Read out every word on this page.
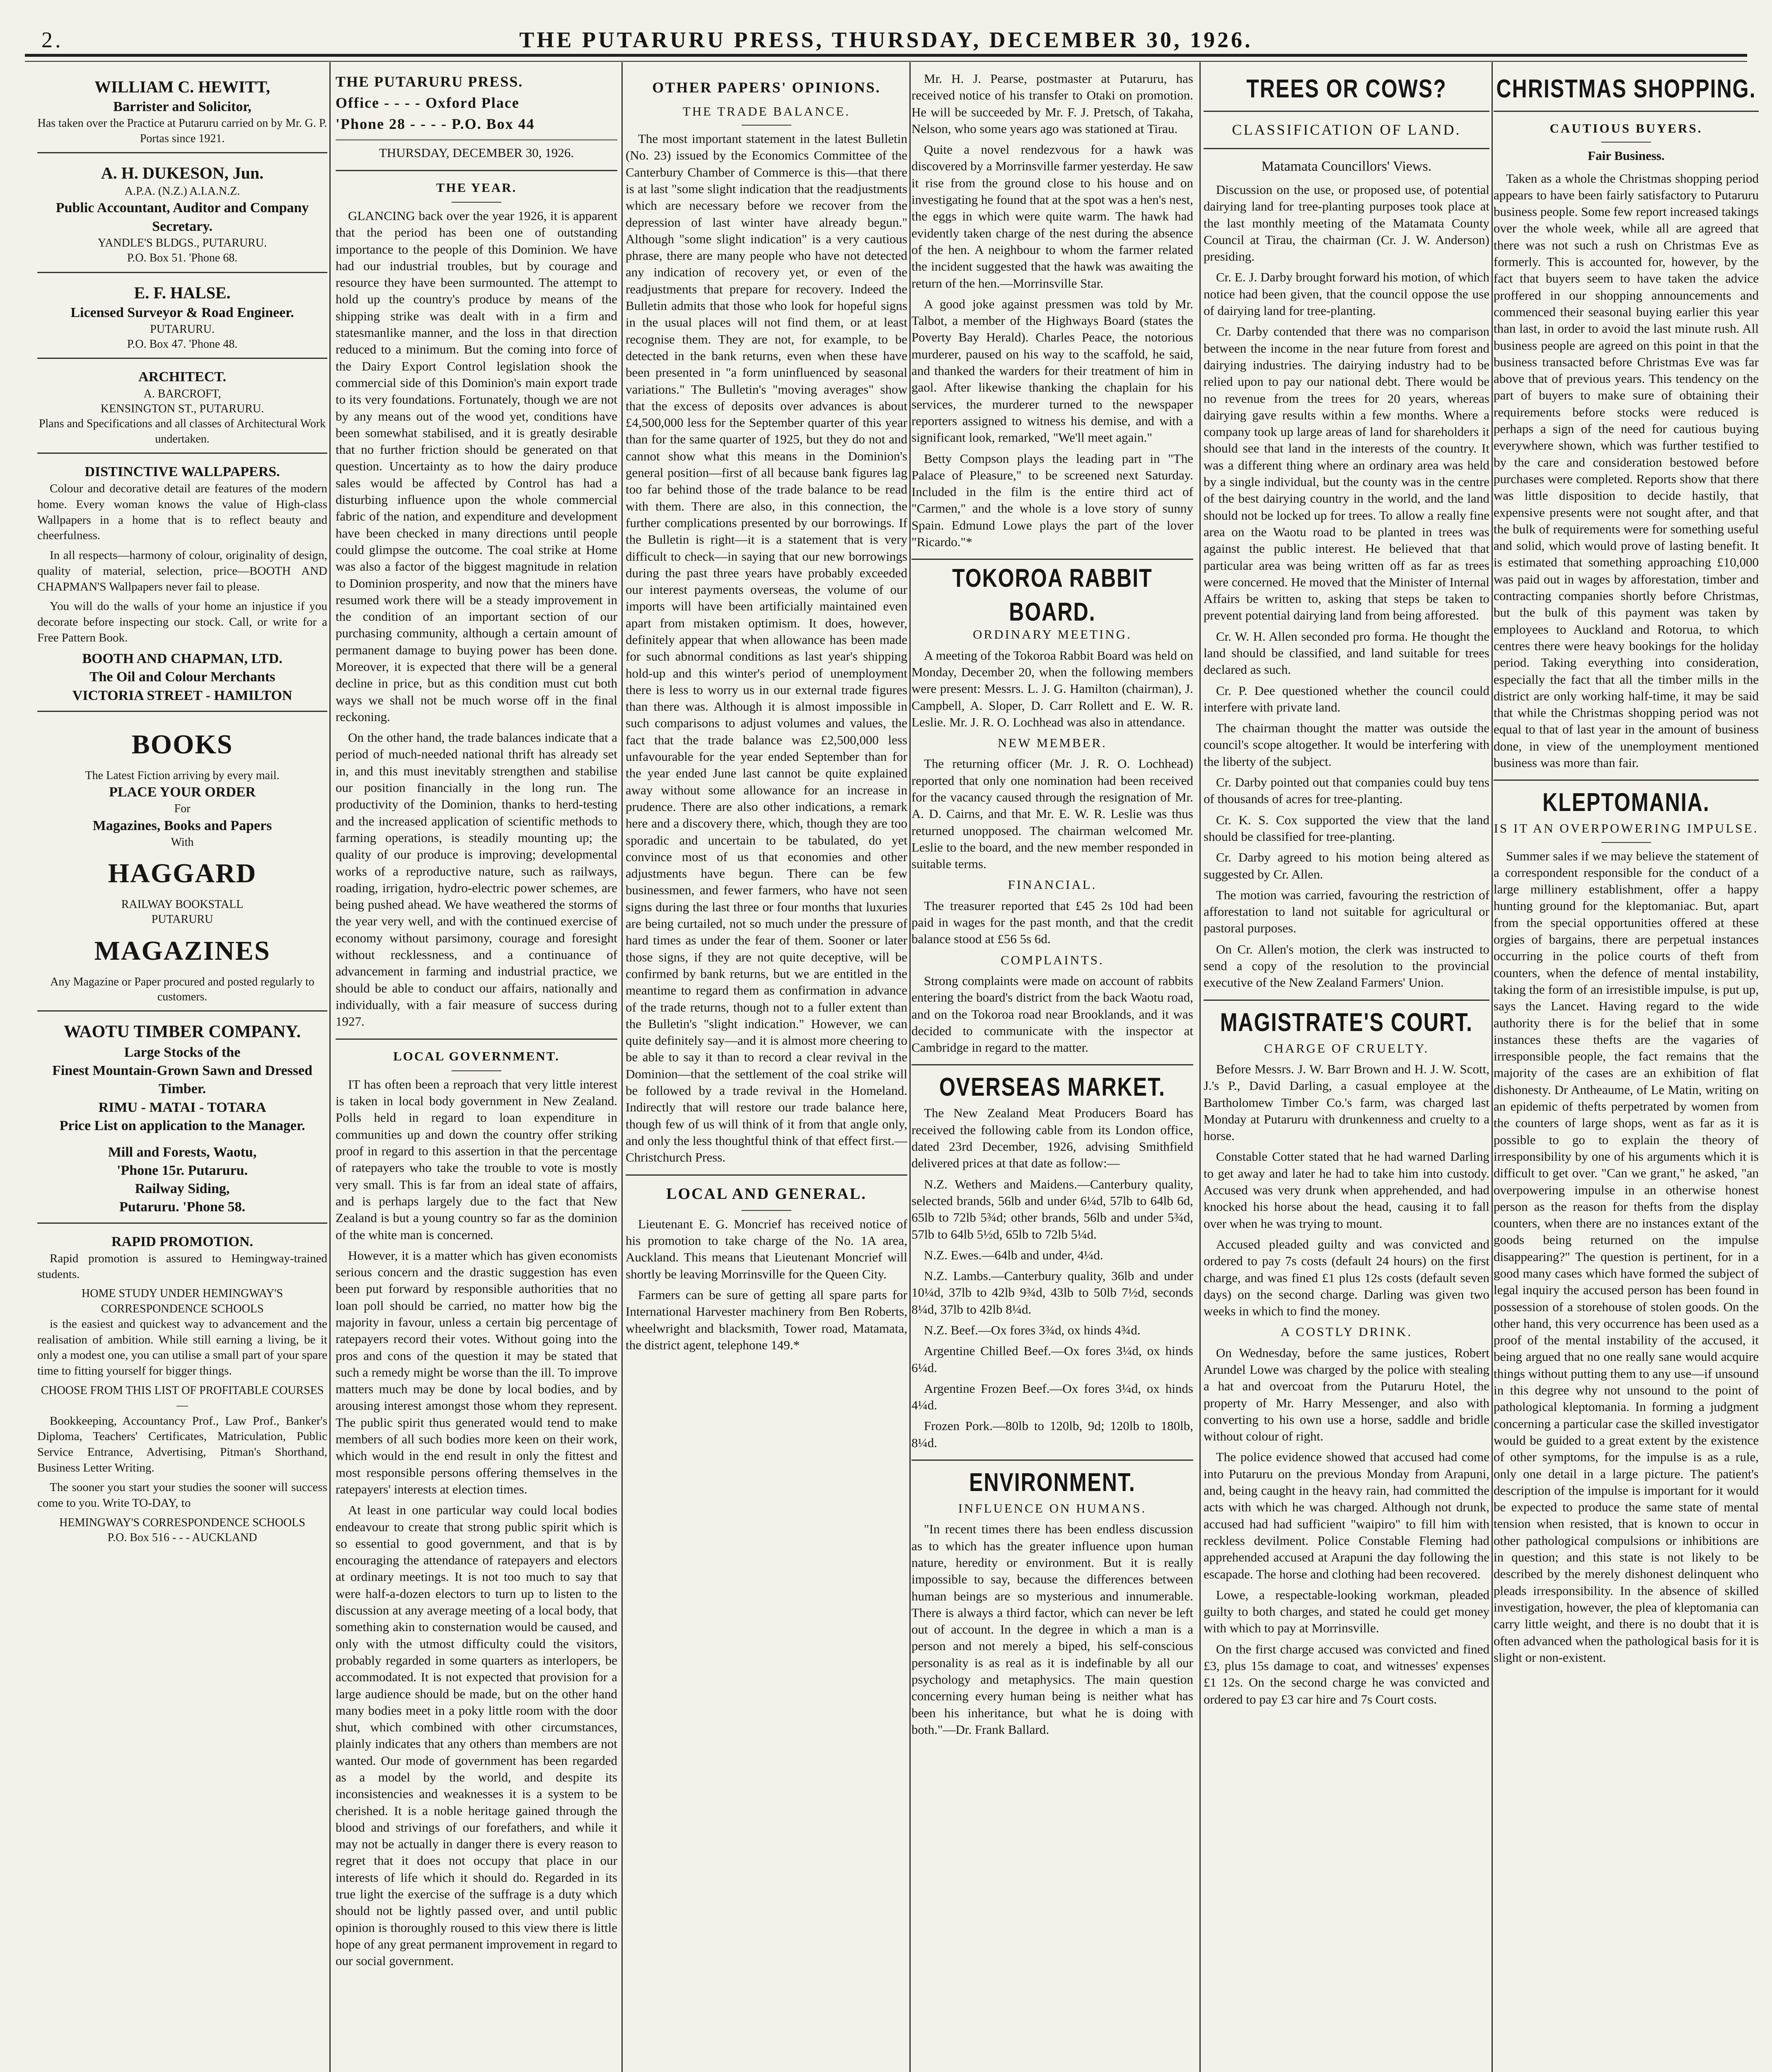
2.	THE PUTARURU PRESS, THURSDAY, DECEMBER 30, 1926.
WILLIAM C. HEWITT,
Barrister and Solicitor,
Has taken over the Practice at Putaruru carried on by Mr. G. P. Portas since 1921.
A. H. DUKESON, Jun.
A.P.A. (N.Z.) A.I.A.N.Z.
Public Accountant, Auditor and Company Secretary.
YANDLE'S BLDGS., PUTARURU.
P.O. Box 51. 'Phone 68.
E. F. HALSE.
Licensed Surveyor & Road Engineer.
PUTARURU.
P.O. Box 47. 'Phone 48.
ARCHITECT.
A. BARCROFT,
KENSINGTON ST., PUTARURU.
Plans and Specifications and all classes of Architectural Work undertaken.
DISTINCTIVE WALLPAPERS.

Colour and decorative detail are features of the modern home. Every woman knows the value of High-class Wallpapers in a home that is to reflect beauty and cheerfulness.

In all respects—harmony of colour, originality of design, quality of material, selection, price—BOOTH AND CHAPMAN'S Wallpapers never fail to please.

You will do the walls of your home an injustice if you decorate before inspecting our stock. Call, or write for a Free Pattern Book.

BOOTH AND CHAPMAN, LTD.
The Oil and Colour Merchants
VICTORIA STREET - HAMILTON
BOOKS
The Latest Fiction arriving by every mail.
PLACE YOUR ORDER
For
Magazines, Books and Papers
With
HAGGARD
RAILWAY BOOKSTALL
PUTARURU
MAGAZINES
Any Magazine or Paper procured and posted regularly to customers.
WAOTU TIMBER COMPANY.
Large Stocks of the
Finest Mountain-Grown Sawn and Dressed Timber.
RIMU - MATAI - TOTARA
Price List on application to the Manager.
Mill and Forests, Waotu,
'Phone 15r. Putaruru.
Railway Siding,
Putaruru. 'Phone 58.
RAPID PROMOTION.

Rapid promotion is assured to Hemingway-trained students.

HOME STUDY UNDER HEMINGWAY'S CORRESPONDENCE SCHOOLS

is the easiest and quickest way to advancement and the realisation of ambition. While still earning a living, be it only a modest one, you can utilise a small part of your spare time to fitting yourself for bigger things.

CHOOSE FROM THIS LIST OF PROFITABLE COURSES—

Bookkeeping, Accountancy Prof., Law Prof., Banker's Diploma, Teachers' Certificates, Matriculation, Public Service Entrance, Advertising, Pitman's Shorthand, Business Letter Writing.

The sooner you start your studies the sooner will success come to you. Write TO-DAY, to

HEMINGWAY'S CORRESPONDENCE SCHOOLS
P.O. Box 516 - - - AUCKLAND
THE PUTARURU PRESS.
Office - - - - Oxford Place
'Phone 28 - - - - P.O. Box 44
THURSDAY, DECEMBER 30, 1926.
THE YEAR.

GLANCING back over the year 1926, it is apparent that the period has been one of outstanding importance to the people of this Dominion. We have had our industrial troubles, but by courage and resource they have been surmounted. The attempt to hold up the country's produce by means of the shipping strike was dealt with in a firm and statesmanlike manner, and the loss in that direction reduced to a minimum. But the coming into force of the Dairy Export Control legislation shook the commercial side of this Dominion's main export trade to its very foundations. Fortunately, though we are not by any means out of the wood yet, conditions have been somewhat stabilised, and it is greatly desirable that no further friction should be generated on that question. Uncertainty as to how the dairy produce sales would be affected by Control has had a disturbing influence upon the whole commercial fabric of the nation, and expenditure and development have been checked in many directions until people could glimpse the outcome. The coal strike at Home was also a factor of the biggest magnitude in relation to Dominion prosperity, and now that the miners have resumed work there will be a steady improvement in the condition of an important section of our purchasing community, although a certain amount of permanent damage to buying power has been done. Moreover, it is expected that there will be a general decline in price, but as this condition must cut both ways we shall not be much worse off in the final reckoning.

On the other hand, the trade balances indicate that a period of much-needed national thrift has already set in, and this must inevitably strengthen and stabilise our position financially in the long run. The productivity of the Dominion, thanks to herd-testing and the increased application of scientific methods to farming operations, is steadily mounting up; the quality of our produce is improving; developmental works of a reproductive nature, such as railways, roading, irrigation, hydro-electric power schemes, are being pushed ahead. We have weathered the storms of the year very well, and with the continued exercise of economy without parsimony, courage and foresight without recklessness, and a continuance of advancement in farming and industrial practice, we should be able to conduct our affairs, nationally and individually, with a fair measure of success during 1927.

LOCAL GOVERNMENT.

IT has often been a reproach that very little interest is taken in local body government in New Zealand. Polls held in regard to loan expenditure in communities up and down the country offer striking proof in regard to this assertion in that the percentage of ratepayers who take the trouble to vote is mostly very small. This is far from an ideal state of affairs, and is perhaps largely due to the fact that New Zealand is but a young country so far as the dominion of the white man is concerned.

However, it is a matter which has given economists serious concern and the drastic suggestion has even been put forward by responsible authorities that no loan poll should be carried, no matter how big the majority in favour, unless a certain big percentage of ratepayers record their votes. Without going into the pros and cons of the question it may be stated that such a remedy might be worse than the ill. To improve matters much may be done by local bodies, and by arousing interest amongst those whom they represent. The public spirit thus generated would tend to make members of all such bodies more keen on their work, which would in the end result in only the fittest and most responsible persons offering themselves in the ratepayers' interests at election times.

At least in one particular way could local bodies endeavour to create that strong public spirit which is so essential to good government, and that is by encouraging the attendance of ratepayers and electors at ordinary meetings. It is not too much to say that were half-a-dozen electors to turn up to listen to the discussion at any average meeting of a local body, that something akin to consternation would be caused, and only with the utmost difficulty could the visitors, probably regarded in some quarters as interlopers, be accommodated. It is not expected that provision for a large audience should be made, but on the other hand many bodies meet in a poky little room with the door shut, which combined with other circumstances, plainly indicates that any others than members are not wanted. Our mode of government has been regarded as a model by the world, and despite its inconsistencies and weaknesses it is a system to be cherished. It is a noble heritage gained through the blood and strivings of our forefathers, and while it may not be actually in danger there is every reason to regret that it does not occupy that place in our interests of life which it should do. Regarded in its true light the exercise of the suffrage is a duty which should not be lightly passed over, and until public opinion is thoroughly roused to this view there is little hope of any great permanent improvement in regard to our social government.

OTHER PAPERS' OPINIONS.
THE TRADE BALANCE.

The most important statement in the latest Bulletin (No. 23) issued by the Economics Committee of the Canterbury Chamber of Commerce is this—that there is at last "some slight indication that the readjustments which are necessary before we recover from the depression of last winter have already begun." Although "some slight indication" is a very cautious phrase, there are many people who have not detected any indication of recovery yet, or even of the readjustments that prepare for recovery. Indeed the Bulletin admits that those who look for hopeful signs in the usual places will not find them, or at least recognise them. They are not, for example, to be detected in the bank returns, even when these have been presented in "a form uninfluenced by seasonal variations." The Bulletin's "moving averages" show that the excess of deposits over advances is about £4,500,000 less for the September quarter of this year than for the same quarter of 1925, but they do not and cannot show what this means in the Dominion's general position—first of all because bank figures lag too far behind those of the trade balance to be read with them. There are also, in this connection, the further complications presented by our borrowings. If the Bulletin is right—it is a statement that is very difficult to check—in saying that our new borrowings during the past three years have probably exceeded our interest payments overseas, the volume of our imports will have been artificially maintained even apart from mistaken optimism. It does, however, definitely appear that when allowance has been made for such abnormal conditions as last year's shipping hold-up and this winter's period of unemployment there is less to worry us in our external trade figures than there was. Although it is almost impossible in such comparisons to adjust volumes and values, the fact that the trade balance was £2,500,000 less unfavourable for the year ended September than for the year ended June last cannot be quite explained away without some allowance for an increase in prudence. There are also other indications, a remark here and a discovery there, which, though they are too sporadic and uncertain to be tabulated, do yet convince most of us that economies and other adjustments have begun. There can be few businessmen, and fewer farmers, who have not seen signs during the last three or four months that luxuries are being curtailed, not so much under the pressure of hard times as under the fear of them. Sooner or later those signs, if they are not quite deceptive, will be confirmed by bank returns, but we are entitled in the meantime to regard them as confirmation in advance of the trade returns, though not to a fuller extent than the Bulletin's "slight indication." However, we can quite definitely say—and it is almost more cheering to be able to say it than to record a clear revival in the Dominion—that the settlement of the coal strike will be followed by a trade revival in the Homeland. Indirectly that will restore our trade balance here, though few of us will think of it from that angle only, and only the less thoughtful think of that effect first.—Christchurch Press.

LOCAL AND GENERAL.

Lieutenant E. G. Moncrief has received notice of his promotion to take charge of the No. 1A area, Auckland. This means that Lieutenant Moncrief will shortly be leaving Morrinsville for the Queen City.

Farmers can be sure of getting all spare parts for International Harvester machinery from Ben Roberts, wheelwright and blacksmith, Tower road, Matamata, the district agent, telephone 149.*

Mr. H. J. Pearse, postmaster at Putaruru, has received notice of his transfer to Otaki on promotion. He will be succeeded by Mr. F. J. Pretsch, of Takaha, Nelson, who some years ago was stationed at Tirau.

Quite a novel rendezvous for a hawk was discovered by a Morrinsville farmer yesterday. He saw it rise from the ground close to his house and on investigating he found that at the spot was a hen's nest, the eggs in which were quite warm. The hawk had evidently taken charge of the nest during the absence of the hen. A neighbour to whom the farmer related the incident suggested that the hawk was awaiting the return of the hen.—Morrinsville Star.

A good joke against pressmen was told by Mr. Talbot, a member of the Highways Board (states the Poverty Bay Herald). Charles Peace, the notorious murderer, paused on his way to the scaffold, he said, and thanked the warders for their treatment of him in gaol. After likewise thanking the chaplain for his services, the murderer turned to the newspaper reporters assigned to witness his demise, and with a significant look, remarked, "We'll meet again."

Betty Compson plays the leading part in "The Palace of Pleasure," to be screened next Saturday. Included in the film is the entire third act of "Carmen," and the whole is a love story of sunny Spain. Edmund Lowe plays the part of the lover "Ricardo."*

TOKOROA RABBIT BOARD.
ORDINARY MEETING.

A meeting of the Tokoroa Rabbit Board was held on Monday, December 20, when the following members were present: Messrs. L. J. G. Hamilton (chairman), J. Campbell, A. Sloper, D. Carr Rollett and E. W. R. Leslie. Mr. J. R. O. Lochhead was also in attendance.

NEW MEMBER.

The returning officer (Mr. J. R. O. Lochhead) reported that only one nomination had been received for the vacancy caused through the resignation of Mr. A. D. Cairns, and that Mr. E. W. R. Leslie was thus returned unopposed. The chairman welcomed Mr. Leslie to the board, and the new member responded in suitable terms.

FINANCIAL.

The treasurer reported that £45 2s 10d had been paid in wages for the past month, and that the credit balance stood at £56 5s 6d.

COMPLAINTS.

Strong complaints were made on account of rabbits entering the board's district from the back Waotu road, and on the Tokoroa road near Brooklands, and it was decided to communicate with the inspector at Cambridge in regard to the matter.

OVERSEAS MARKET.

The New Zealand Meat Producers Board has received the following cable from its London office, dated 23rd December, 1926, advising Smithfield delivered prices at that date as follow:—

N.Z. Wethers and Maidens.—Canterbury quality, selected brands, 56lb and under 6¼d, 57lb to 64lb 6d, 65lb to 72lb 5¾d; other brands, 56lb and under 5¾d, 57lb to 64lb 5½d, 65lb to 72lb 5¼d.

N.Z. Ewes.—64lb and under, 4¼d.

N.Z. Lambs.—Canterbury quality, 36lb and under 10¼d, 37lb to 42lb 9¾d, 43lb to 50lb 7½d, seconds 8¼d, 37lb to 42lb 8¼d.

N.Z. Beef.—Ox fores 3¾d, ox hinds 4¾d.

Argentine Chilled Beef.—Ox fores 3¼d, ox hinds 6¼d.

Argentine Frozen Beef.—Ox fores 3¼d, ox hinds 4¼d.

Frozen Pork.—80lb to 120lb, 9d; 120lb to 180lb, 8¼d.

ENVIRONMENT.
INFLUENCE ON HUMANS.

"In recent times there has been endless discussion as to which has the greater influence upon human nature, heredity or environment. But it is really impossible to say, because the differences between human beings are so mysterious and innumerable. There is always a third factor, which can never be left out of account. In the degree in which a man is a person and not merely a biped, his self-conscious personality is as real as it is indefinable by all our psychology and metaphysics. The main question concerning every human being is neither what has been his inheritance, but what he is doing with both."—Dr. Frank Ballard.

TREES OR COWS?
CLASSIFICATION OF LAND.
Matamata Councillors' Views.

Discussion on the use, or proposed use, of potential dairying land for tree-planting purposes took place at the last monthly meeting of the Matamata County Council at Tirau, the chairman (Cr. J. W. Anderson) presiding.

Cr. E. J. Darby brought forward his motion, of which notice had been given, that the council oppose the use of dairying land for tree-planting.

Cr. Darby contended that there was no comparison between the income in the near future from forest and dairying industries. The dairying industry had to be relied upon to pay our national debt. There would be no revenue from the trees for 20 years, whereas dairying gave results within a few months. Where a company took up large areas of land for shareholders it should see that land in the interests of the country. It was a different thing where an ordinary area was held by a single individual, but the county was in the centre of the best dairying country in the world, and the land should not be locked up for trees. To allow a really fine area on the Waotu road to be planted in trees was against the public interest. He believed that that particular area was being written off as far as trees were concerned. He moved that the Minister of Internal Affairs be written to, asking that steps be taken to prevent potential dairying land from being afforested.

Cr. W. H. Allen seconded pro forma. He thought the land should be classified, and land suitable for trees declared as such.

Cr. P. Dee questioned whether the council could interfere with private land.

The chairman thought the matter was outside the council's scope altogether. It would be interfering with the liberty of the subject.

Cr. Darby pointed out that companies could buy tens of thousands of acres for tree-planting.

Cr. K. S. Cox supported the view that the land should be classified for tree-planting.

Cr. Darby agreed to his motion being altered as suggested by Cr. Allen.

The motion was carried, favouring the restriction of afforestation to land not suitable for agricultural or pastoral purposes.

On Cr. Allen's motion, the clerk was instructed to send a copy of the resolution to the provincial executive of the New Zealand Farmers' Union.

MAGISTRATE'S COURT.
CHARGE OF CRUELTY.

Before Messrs. J. W. Barr Brown and H. J. W. Scott, J.'s P., David Darling, a casual employee at the Bartholomew Timber Co.'s farm, was charged last Monday at Putaruru with drunkenness and cruelty to a horse.

Constable Cotter stated that he had warned Darling to get away and later he had to take him into custody. Accused was very drunk when apprehended, and had knocked his horse about the head, causing it to fall over when he was trying to mount.

Accused pleaded guilty and was convicted and ordered to pay 7s costs (default 24 hours) on the first charge, and was fined £1 plus 12s costs (default seven days) on the second charge. Darling was given two weeks in which to find the money.

A COSTLY DRINK.

On Wednesday, before the same justices, Robert Arundel Lowe was charged by the police with stealing a hat and overcoat from the Putaruru Hotel, the property of Mr. Harry Messenger, and also with converting to his own use a horse, saddle and bridle without colour of right.

The police evidence showed that accused had come into Putaruru on the previous Monday from Arapuni, and, being caught in the heavy rain, had committed the acts with which he was charged. Although not drunk, accused had had sufficient "waipiro" to fill him with reckless devilment. Police Constable Fleming had apprehended accused at Arapuni the day following the escapade. The horse and clothing had been recovered.

Lowe, a respectable-looking workman, pleaded guilty to both charges, and stated he could get money with which to pay at Morrinsville.

On the first charge accused was convicted and fined £3, plus 15s damage to coat, and witnesses' expenses £1 12s. On the second charge he was convicted and ordered to pay £3 car hire and 7s Court costs.

CHRISTMAS SHOPPING.
CAUTIOUS BUYERS.
Fair Business.

Taken as a whole the Christmas shopping period appears to have been fairly satisfactory to Putaruru business people. Some few report increased takings over the whole week, while all are agreed that there was not such a rush on Christmas Eve as formerly. This is accounted for, however, by the fact that buyers seem to have taken the advice proffered in our shopping announcements and commenced their seasonal buying earlier this year than last, in order to avoid the last minute rush. All business people are agreed on this point in that the business transacted before Christmas Eve was far above that of previous years. This tendency on the part of buyers to make sure of obtaining their requirements before stocks were reduced is perhaps a sign of the need for cautious buying everywhere shown, which was further testified to by the care and consideration bestowed before purchases were completed. Reports show that there was little disposition to decide hastily, that expensive presents were not sought after, and that the bulk of requirements were for something useful and solid, which would prove of lasting benefit. It is estimated that something approaching £10,000 was paid out in wages by afforestation, timber and contracting companies shortly before Christmas, but the bulk of this payment was taken by employees to Auckland and Rotorua, to which centres there were heavy bookings for the holiday period. Taking everything into consideration, especially the fact that all the timber mills in the district are only working half-time, it may be said that while the Christmas shopping period was not equal to that of last year in the amount of business done, in view of the unemployment mentioned business was more than fair.

KLEPTOMANIA.
IS IT AN OVERPOWERING IMPULSE.

Summer sales if we may believe the statement of a correspondent responsible for the conduct of a large millinery establishment, offer a happy hunting ground for the kleptomaniac. But, apart from the special opportunities offered at these orgies of bargains, there are perpetual instances occurring in the police courts of theft from counters, when the defence of mental instability, taking the form of an irresistible impulse, is put up, says the Lancet. Having regard to the wide authority there is for the belief that in some instances these thefts are the vagaries of irresponsible people, the fact remains that the majority of the cases are an exhibition of flat dishonesty. Dr Antheaume, of Le Matin, writing on an epidemic of thefts perpetrated by women from the counters of large shops, went as far as it is possible to go to explain the theory of irresponsibility by one of his arguments which it is difficult to get over. "Can we grant," he asked, "an overpowering impulse in an otherwise honest person as the reason for thefts from the display counters, when there are no instances extant of the goods being returned on the impulse disappearing?" The question is pertinent, for in a good many cases which have formed the subject of legal inquiry the accused person has been found in possession of a storehouse of stolen goods. On the other hand, this very occurrence has been used as a proof of the mental instability of the accused, it being argued that no one really sane would acquire things without putting them to any use—if unsound in this degree why not unsound to the point of pathological kleptomania. In forming a judgment concerning a particular case the skilled investigator would be guided to a great extent by the existence of other symptoms, for the impulse is as a rule, only one detail in a large picture. The patient's description of the impulse is important for it would be expected to produce the same state of mental tension when resisted, that is known to occur in other pathological compulsions or inhibitions are in question; and this state is not likely to be described by the merely dishonest delinquent who pleads irresponsibility. In the absence of skilled investigation, however, the plea of kleptomania can carry little weight, and there is no doubt that it is often advanced when the pathological basis for it is slight or non-existent.
